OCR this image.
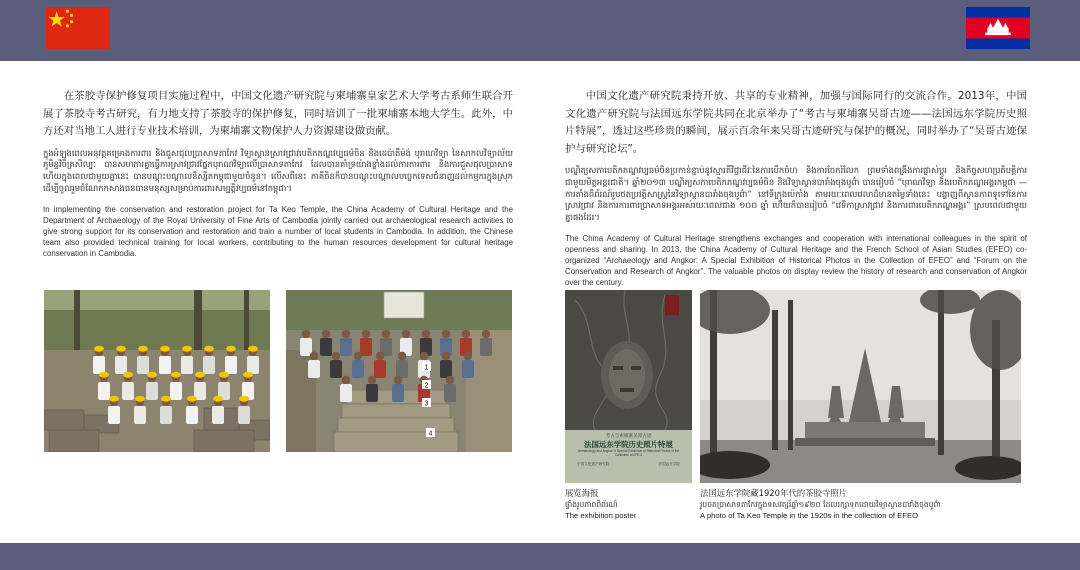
在茶胶寺保护修复项目实施过程中，中国文化遗产研究院与柬埔寨皇家艺术大学考古系师生联合开展了茶胶寺考古研究，有力地支持了茶胶寺的保护修复，同时培训了一批柬埔寨本地大学生。此外，中方还对当地工人进行专业技术培训，为柬埔寨文物保护人力资源建设做贡献。

ក្នុងអំឡុងពេលអនុវត្តគម្រោងការពារ និងជួសជុលប្រាសាទតាកែវ វិទ្យាស្ថានស្រាវជ្រាវបេតិកភណ្ឌវប្បធម៌ចិន និងដេប៉ាតឺម៉ង់ បុរាណវិទ្យា នៃសាកលវិទ្យាល័យភូមិន្ទវិចិត្រសិល្បៈ បានសហការគ្នាធ្វើការស្រាវជ្រាវផ្នែកបុរាណវិទ្យាលើប្រាសាទតាកែវ ដែលបានគាំទ្រយ៉ាងខ្លាំងដល់ការការពារ និងការជួសជុលប្រាសាទ ហើយក្នុងពេលជាមួយគ្នានេះ បានបណ្តុះបណ្តាលនិស្សិតកម្ពុជាមួយចំនួន។ លើសពីនេះ ភាគីចិនក៏បានបណ្តុះបណ្តាលបច្ចេកទេសជំនាញដល់កម្មករក្នុងស្រុក ដើម្បីចូលរួមចំណែកកសាងធនធានមនុស្សសម្រាប់ការពារសម្បត្តិវប្បធម៌នៅកម្ពុជា។

In implementing the conservation and restoration project for Ta Keo Temple, the China Academy of Cultural Heritage and the Department of Archaeology of the Royal University of Fine Arts of Cambodia jointly carried out archaeological research activities to give strong support for its conservation and restoration and train a number of local students in Cambodia. In addition, the Chinese team also provided technical training for local workers, contributing to the human resources development for cultural heritage conservation in Cambodia.

中国文化遗产研究院秉持开放、共享的专业精神，加强与国际同行的交流合作。2013年，中国文化遗产研究院与法国远东学院共同在北京举办了“考古与柬埔寨吴哥古迹——法国远东学院历史照片特展”，透过这些珍贵的瞬间，展示百余年来吴哥古迹研究与保护的概况，同时举办了“吴哥古迹保护与研究论坛”。

បណ្ឌិត្យសភាបេតិកភណ្ឌវប្បធម៌ចិនប្រកាន់ខ្ជាប់នូវស្មារតីវិជ្ជាជីវៈនៃការបើកចំហ និងការចែករំលែក ព្រមទាំងពង្រឹងការផ្លាស់ប្តូរ និងកិច្ចសហប្រតិបត្តិការជាមួយមិត្តអន្តរជាតិ។ ឆ្នាំ២០១៣ បណ្ឌិត្យសភាបេតិកភណ្ឌវប្បធម៌ចិន និងវិទ្យាស្ថានបារាំងចុងបូព៌ា បានរៀបចំ “បុរាណវិទ្យា និងបេតិកភណ្ឌអង្គរកម្ពុជា — ការតាំងពិព័រណ៍រូបថតប្រវត្តិសាស្ត្រនៃវិទ្យាស្ថានបារាំងចុងបូព៌ា” នៅទីក្រុងប៉េកាំង តាមរយៈពេលវេលាដ៏មានតម្លៃទាំងនេះ បង្ហាញពីស្ថានភាពទូទៅនៃការស្រាវជ្រាវ និងការការពារប្រាសាទអង្គរអស់រយៈពេលជាង ១០០ ឆ្នាំ ហើយក៏បានរៀបចំ “វេទិកាស្រាវជ្រាវ និងការពារបេតិកភណ្ឌអង្គរ” ស្របពេលជាមួយគ្នាផងដែរ។

The China Academy of Cultural Heritage strengthens exchanges and cooperation with international colleagues in the spirit of openness and sharing. In 2013, the China Academy of Cultural Heritage and the French School of Asian Studies (EFEO) co-organized “Archaeology and Angkor: A Special Exhibition of Historical Photos in the Collection of EFEO” and “Forum on the Conservation and Research of Angkor”. The valuable photos on display review the history of research and conservation of Angkor over the century.

1
2
3
4	考古与柬埔寨吴哥古迹
法国远东学院历史照片特展
Archaeology and Angkor: A Special Exhibition of Historical Photos in the Collection of EFEO
中国文化遗产研究院	法国远东学院
展览海报
ផ្ទាំងរូបភាពពិព័រណ៍
The exhibition poster
法国远东学院藏1920年代的茶胶寺照片
រូបថតប្រាសាទតាកែវក្នុងទសវត្សរ៍ឆ្នាំ១៩២០ ដែលរក្សាទុកដោយវិទ្យាស្ថានបារាំងចុងបូព៌ា
A photo of Ta Keo Temple in the 1920s in the collection of EFEO
